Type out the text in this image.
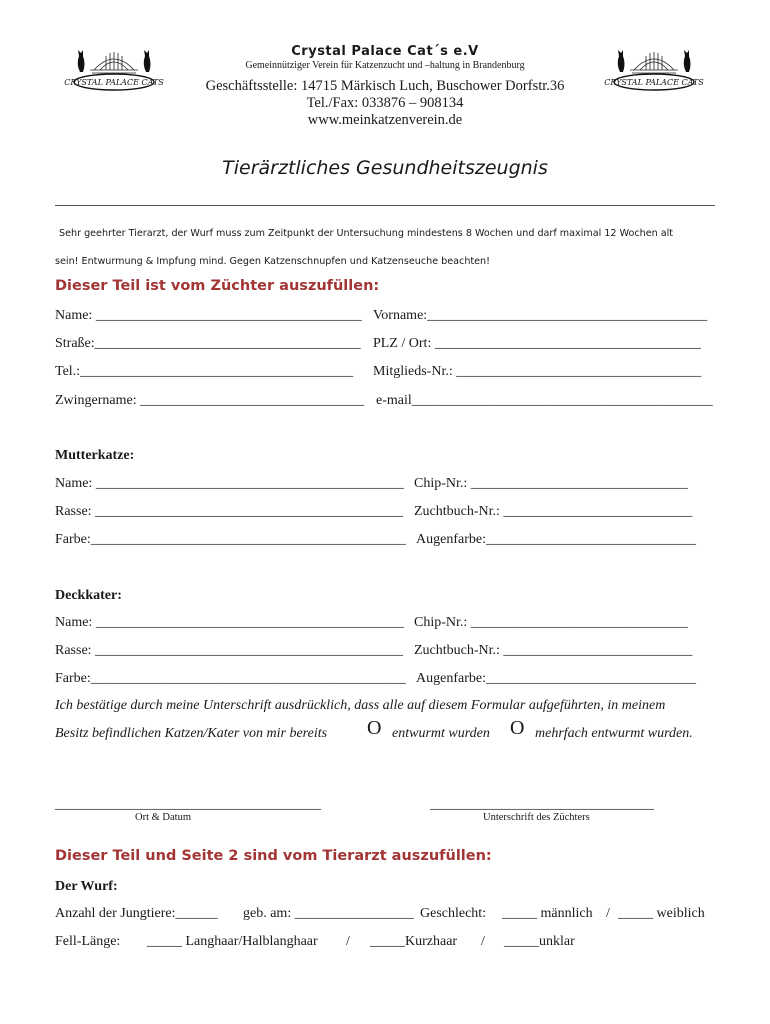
CRYSTAL PALACE CATS	CRYSTAL PALACE CATS
Crystal Palace Cat´s e.V
Gemeinnütziger Verein für Katzenzucht und –haltung in Brandenburg
Geschäftsstelle: 14715 Märkisch Luch, Buschower Dorfstr.36
Tel./Fax: 033876 – 908134
www.meinkatzenverein.de
Tierärztliches Gesundheitszeugnis
Sehr geehrter Tierarzt, der Wurf muss zum Zeitpunkt der Untersuchung mindestens 8 Wochen und darf maximal 12 Wochen alt
sein! Entwurmung & Impfung mind. Gegen Katzenschnupfen und Katzenseuche beachten!
Dieser Teil ist vom Züchter auszufüllen:
Name: ______________________________________ Vorname:________________________________________
Straße:______________________________________ PLZ / Ort: ______________________________________
Tel.:_______________________________________ Mitglieds-Nr.: ___________________________________
Zwingername: ________________________________ e-mail___________________________________________
Mutterkatze:
Name: ____________________________________________ Chip-Nr.: _______________________________
Rasse: ____________________________________________ Zuchtbuch-Nr.: ___________________________
Farbe:_____________________________________________ Augenfarbe:______________________________
Deckkater:
Name: ____________________________________________ Chip-Nr.: _______________________________
Rasse: ____________________________________________ Zuchtbuch-Nr.: ___________________________
Farbe:_____________________________________________ Augenfarbe:______________________________
Ich bestätige durch meine Unterschrift ausdrücklich, dass alle auf diesem Formular aufgeführten, in meinem
Besitz befindlichen Katzen/Kater von mir bereits O entwurmt wurden O mehrfach entwurmt wurden.
______________________________________	________________________________
Ort & Datum	Unterschrift des Züchters
Dieser Teil und Seite 2 sind vom Tierarzt auszufüllen:
Der Wurf:
Anzahl der Jungtiere:______ geb. am: _________________ Geschlecht: _____ männlich / _____ weiblich
Fell-Länge: _____ Langhaar/Halblanghaar / _____Kurzhaar / _____unklar
